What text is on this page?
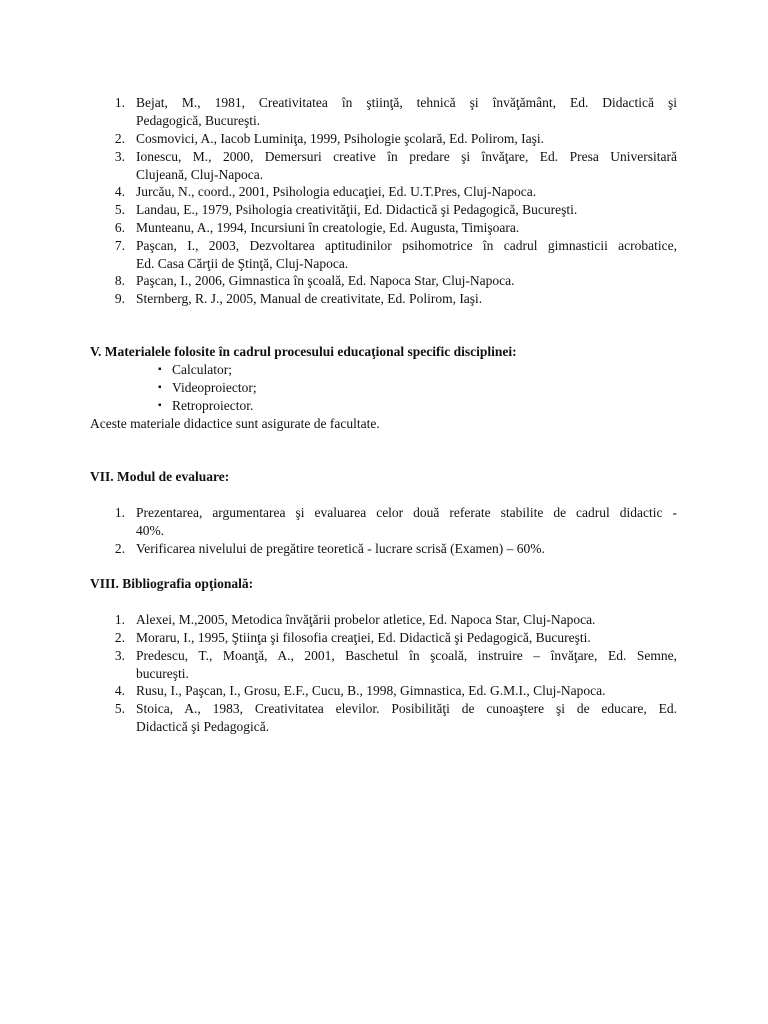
1. Bejat, M., 1981, Creativitatea în ştiinţă, tehnică şi învăţământ, Ed. Didactică şi
Pedagogică, Bucureşti.
2. Cosmovici, A., Iacob Luminiţa, 1999, Psihologie şcolară, Ed. Polirom, Iaşi.
3. Ionescu, M., 2000, Demersuri creative în predare şi învăţare, Ed. Presa Universitară
Clujeană, Cluj-Napoca.
4. Jurcău, N., coord., 2001, Psihologia educaţiei, Ed. U.T.Pres, Cluj-Napoca.
5. Landau, E., 1979, Psihologia creativităţii, Ed. Didactică şi Pedagogică, Bucureşti.
6. Munteanu, A., 1994, Incursiuni în creatologie, Ed. Augusta, Timişoara.
7. Paşcan, I., 2003, Dezvoltarea aptitudinilor psihomotrice în cadrul gimnasticii acrobatice,
Ed. Casa Cărţii de Ştinţă, Cluj-Napoca.
8. Paşcan, I., 2006, Gimnastica în şcoală, Ed. Napoca Star, Cluj-Napoca.
9. Sternberg, R. J., 2005, Manual de creativitate, Ed. Polirom, Iaşi.
V. Materialele folosite în cadrul procesului educaţional specific disciplinei:
▪ Calculator;
▪ Videoproiector;
▪ Retroproiector.
Aceste materiale didactice sunt asigurate de facultate.
VII. Modul de evaluare:
1. Prezentarea, argumentarea şi evaluarea celor două referate stabilite de cadrul didactic -
40%.
2. Verificarea nivelului de pregătire teoretică - lucrare scrisă (Examen) – 60%.
VIII. Bibliografia opţională:
1. Alexei, M.,2005, Metodica învăţării probelor atletice, Ed. Napoca Star, Cluj-Napoca.
2. Moraru, I., 1995, Ştiinţa şi filosofia creaţiei, Ed. Didactică şi Pedagogică, Bucureşti.
3. Predescu, T., Moanţă, A., 2001, Baschetul în şcoală, instruire – învăţare, Ed. Semne,
bucureşti.
4. Rusu, I., Paşcan, I., Grosu, E.F., Cucu, B., 1998, Gimnastica, Ed. G.M.I., Cluj-Napoca.
5. Stoica, A., 1983, Creativitatea elevilor. Posibilităţi de cunoaştere şi de educare, Ed.
Didactică şi Pedagogică.
